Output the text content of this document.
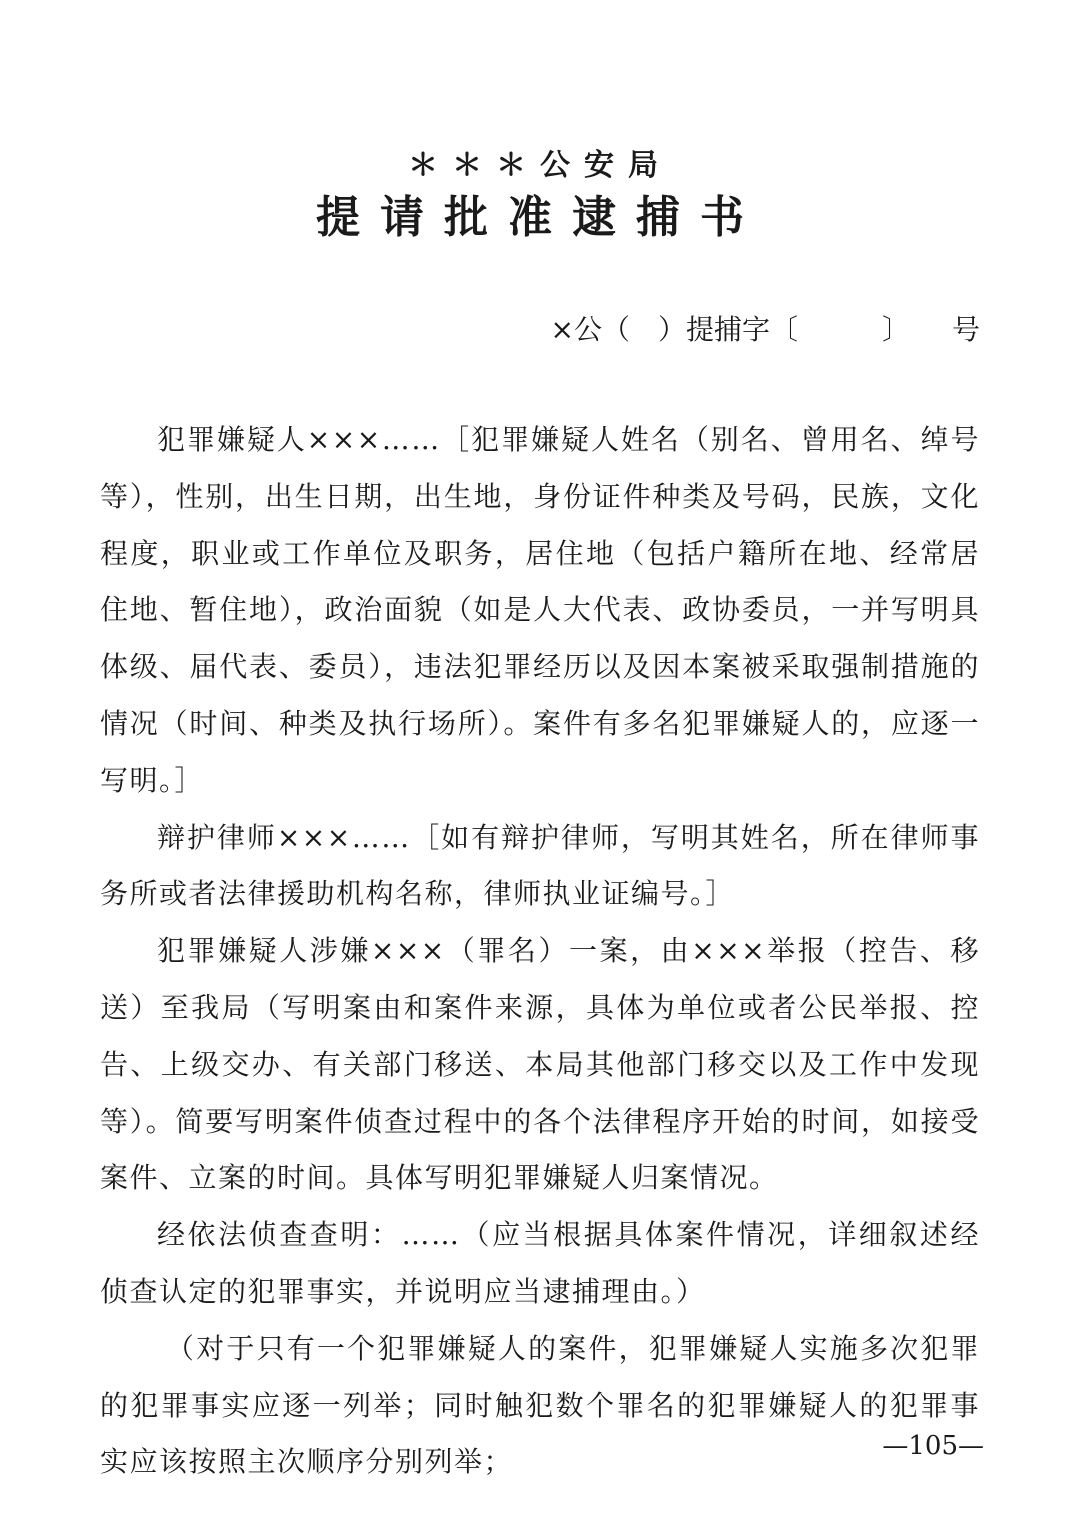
＊＊＊公安局
提请批准逮捕书
×公（　）提捕字〔　　　〕　　号

犯罪嫌疑人×××……［犯罪嫌疑人姓名（别名、曾用名、绰号等），性别，出生日期，出生地，身份证件种类及号码，民族，文化程度，职业或工作单位及职务，居住地（包括户籍所在地、经常居住地、暂住地），政治面貌（如是人大代表、政协委员，一并写明具体级、届代表、委员），违法犯罪经历以及因本案被采取强制措施的情况（时间、种类及执行场所）。案件有多名犯罪嫌疑人的，应逐一写明。］

辩护律师×××……［如有辩护律师，写明其姓名，所在律师事务所或者法律援助机构名称，律师执业证编号。］

犯罪嫌疑人涉嫌×××（罪名）一案，由×××举报（控告、移送）至我局（写明案由和案件来源，具体为单位或者公民举报、控告、上级交办、有关部门移送、本局其他部门移交以及工作中发现等）。简要写明案件侦查过程中的各个法律程序开始的时间，如接受案件、立案的时间。具体写明犯罪嫌疑人归案情况。

经依法侦查查明：……（应当根据具体案件情况，详细叙述经侦查认定的犯罪事实，并说明应当逮捕理由。）

（对于只有一个犯罪嫌疑人的案件，犯罪嫌疑人实施多次犯罪的犯罪事实应逐一列举；同时触犯数个罪名的犯罪嫌疑人的犯罪事实应该按照主次顺序分别列举；	—105—
